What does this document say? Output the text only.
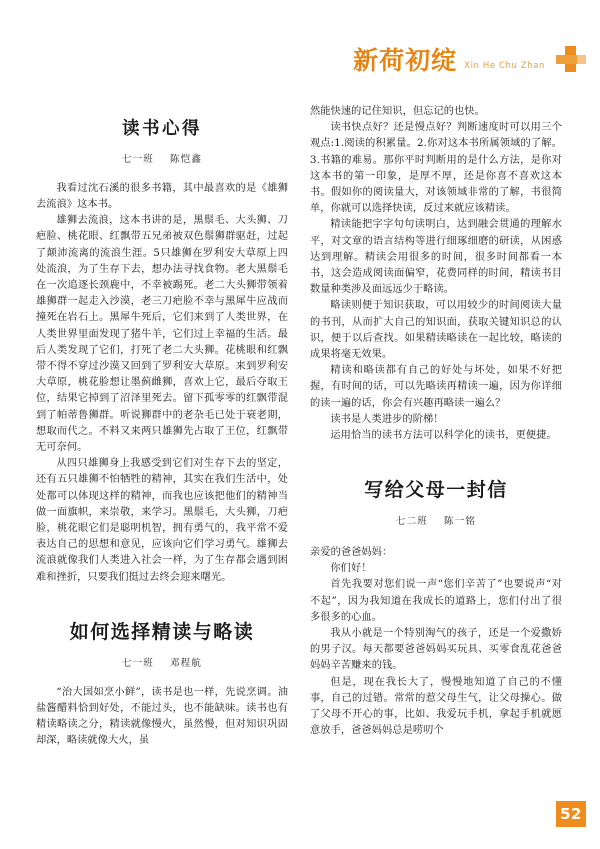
新荷初绽 Xin He Chu Zhan
读书心得
七一班 陈恺鑫

我看过沈石溪的很多书籍，其中最喜欢的是《雄狮去流浪》这本书。

雄狮去流浪，这本书讲的是，黑鬃毛、大头狮、刀疤脸、桃花眼、红飘带五兄弟被双色鬃狮群驱赶，过起了颠沛流离的流浪生涯。5只雄狮在罗利安大草原上四处流浪，为了生存下去，想办法寻找食物。老大黑鬃毛在一次追逐长颈鹿中，不幸被踢死。老二大头狮带领着雄狮群一起走入沙漠，老三刀疤脸不幸与黑犀牛应战而撞死在岩石上。黑犀牛死后，它们来到了人类世界，在人类世界里面发现了猪牛羊，它们过上幸福的生活。最后人类发现了它们，打死了老二大头狮。花桃眼和红飘带不得不穿过沙漠又回到了罗利安大草原。来到罗利安大草原，桃花脸想让墨蓟雌狮，喜欢上它，最后夺取王位，结果它掉到了沼泽里死去。留下孤零零的红飘带混到了帕蒂鲁狮群。听说狮群中的老杂毛已处于衰老期，想取而代之。不料又来两只雄狮先占取了王位，红飘带无可奈何。

从四只雄狮身上我感受到它们对生存下去的坚定，还有五只雄狮不怕牺牲的精神，其实在我们生活中，处处都可以体现这样的精神，而我也应该把他们的精神当做一面旗帜，来崇敬，来学习。黑鬃毛，大头狮，刀疤脸，桃花眼它们是聪明机智，拥有勇气的，我平常不爱表达自己的思想和意见，应该向它们学习勇气。雄狮去流浪就像我们人类进入社会一样，为了生存都会遇到困难和挫折，只要我们挺过去终会迎来曙光。

如何选择精读与略读
七一班 邓程航

“治大国如烹小鲜”，读书是也一样，先说烹调。油盐酱醋料恰到好处，不能过头，也不能缺味。读书也有精读略读之分，精读就像慢火，虽然慢，但对知识巩固却深，略读就像大火，虽

然能快速的记住知识，但忘记的也快。

读书快点好？还是慢点好？判断速度时可以用三个观点:1.阅读的积累量。2.你对这本书所属领域的了解。3.书籍的难易。那你平时判断用的是什么方法，是你对这本书的第一印象，是厚不厚，还是你喜不喜欢这本书。假如你的阅读量大，对该领域非常的了解，书很简单，你就可以选择快读，反过来就应该精读。

精读能把字字句句读明白，达到融会贯通的理解水平，对文章的语言结构等进行细琢细磨的研读，从困惑达到理解。精读会用很多的时间，很多时间都看一本书，这会造成阅读面偏窄，花费同样的时间，精读书目数量种类涉及面远远少于略读。

略读则便于知识获取，可以用较少的时间阅读大量的书刊，从而扩大自己的知识面，获取关键知识总的认识，便于以后查找。如果精读略读在一起比较，略读的成果将毫无效果。

精读和略读都有自己的好处与坏处，如果不好把握，有时间的话，可以先略读再精读一遍，因为你详细的读一遍的话，你会有兴趣再略读一遍么？

读书是人类进步的阶梯！

运用恰当的读书方法可以科学化的读书，更便捷。

写给父母一封信
七二班 陈一铭

亲爱的爸爸妈妈：

你们好！

首先我要对您们说一声“您们辛苦了”也要说声“对不起”，因为我知道在我成长的道路上，您们付出了很多很多的心血。

我从小就是一个特别淘气的孩子，还是一个爱撒娇的男子汉。每天都要爸爸妈妈买玩具、买零食乱花爸爸妈妈辛苦赚来的钱。

但是，现在我长大了，慢慢地知道了自己的不懂事，自己的过错。常常的惹父母生气，让父母操心。做了父母不开心的事，比如、我爱玩手机，拿起手机就愿意放手，爸爸妈妈总是唠叨个

52
